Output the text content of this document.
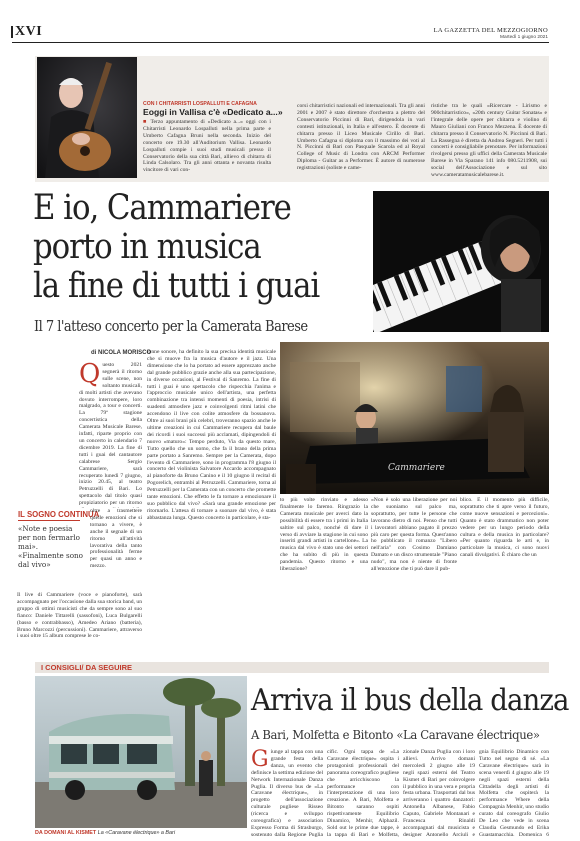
XVI	LA GAZZETTA DEL MEZZOGIORNO
Martedì 1 giugno 2021
CON I CHITARRISTI LOSPALLUTI E CAFAGNA
Eoggi in Vallisa c'è «Dedicato a...»
■ Terzo appuntamento di «Dedicato a...» oggi con i Chitarristi Leonardo Lospalluti nella prima parte e Umberto Cafagna Bruni nella seconda. Inizio del concerto ore 19.30 all'Auditorium Vallisa. Leonardo Lospalluti compie i suoi studi musicali presso il Conservatorio della sua città Bari, allievo di chitarra di Linda Calsolaro. Tra gli anni ottanta e novanta risulta vincitore di vari con-
corsi chitarristici nazionali ed internazionali. Tra gli anni 2001 e 2007 è stato direttore d'orchestra a plettro del Conservatorio Piccinni di Bari, dirigendola in vari contesti istituzionali, in Italia e all'estero. È docente di chitarra presso il Liceo Musicale Cirillo di Bari. Umberto Cafagna si diploma con il massimo dei voti al N. Piccinni di Bari con Pasquale Scarola ed al Royal College of Music di Londra con ARCM Performer Diploma - Guitar as a Performer. È autore di numerose registrazioni (soliste e came-
ristiche tra le quali «Ricercare - Lirismo e 900chitarristico», «20th century Guitar Sonatas» e l'integrale delle opere per chitarra e violino di Mauro Giuliani con Franco Mezzena. È docente di chitarra presso il Conservatorio N. Piccinni di Bari. La Rassegna è diretta da Andrea Segneri. Per tutti i concerti è consigliabile prenotare. Per informazioni rivolgersi presso gli uffici della Camerata Musicale Barese in Via Sparano 141 info 080.5211908, sui social dell'Associazione e sul sito www.cameratamusicalebarese.it.
E io, Cammariere
porto in musica
la fine di tutti i guai
Il 7 l'atteso concerto per la Camerata Barese
di NICOLA MORISCO
Questo 2021 segnerà il ritorno sulle scene, non soltanto musicali, di molti artisti che avevano dovuto interrompere, loro malgrado, a tour e concerti. La 79ª stagione concertistica della Camerata Musicale Barese, infatti, riparte proprio con un concerto in calendario 7 dicembre 2019. La fine di tutti i guai del cantautore calabrese Sergio Cammariere, sarà recuperato lunedì 7 giugno, inizio 20.45, al teatro Petruzzelli di Bari. Lo spettacolo dal titolo quasi propiziatorio per un ritorno
IL SOGNO CONTINUA
«Note e poesia per non fermarlo mai». «Finalmente sono dal vivo»
oltre a trasmettere quelle emozioni che si tornano a vivere, è anche il segnale di un ritorno all'attività lavorativa della tanto professionalità ferme per quasi un anno e mezzo.
Il live di Cammariere (voce e pianoforte), sarà accompagnato per l'occasione dalla sua storica band, un gruppo di ottimi musicisti che da sempre sono al suo fianco: Daniele Tittarelli (sassofoni), Luca Bulgarelli (basso e contrabbasso), Amedeo Ariano (batteria), Bruno Marcozzi (percussioni). Cammariere, attraverso i suoi oltre 15 album comprese le co-
lonne sonore, ha definito la sua precisa identità musicale che si muove fra la musica d'autore e il jazz. Una dimensione che lo ha portato ad essere apprezzato anche dal grande pubblico grazie anche alla sua partecipazione, in diverse occasioni, al Festival di Sanremo. La fine di tutti i guai è uno spettacolo che rispecchia l'anima e l'approccio musicale unico dell'artista, una perfetta combinazione tra intensi momenti di poesia, intrisi di suadenti atmosfere jazz e coinvolgenti ritmi latini che accendono il live con colite atmosfere da bossanova. Oltre ai suoi brani più celebri, troveranno spazio anche le ultime creazioni in cui Cammariere recupera dal baule dei ricordi i suoi successi più acclamati, dipingendoli di nuovo «maturo»: Tempo perduto, Via da questo mare, Tutto quello che un uomo, che fa il brano della prima parte portato a Sanremo. Sempre per la Camerata, dopo l'evento di Cammariere, sono in programma l'8 giugno il concerto del violinista Salvatore Accardo accompagnato al pianoforte da Bruno Canino e il 10 giugno il recital di Pogorelich, entrambi al Petruzzelli. Cammariere, torna al Petruzzelli per la Camerata con un concerto che promette tante emozioni. Che effetto le fa tornare a emozionare il suo pubblico dal vivo? «Sarà una grande emozione per ritornarlo. L'attesa di tornare a suonare dal vivo, è stata abbastanza lunga. Questo concerto in particolare, è sta-
Cammariere
to più volte rinviato e adesso finalmente lo faremo. Ringrazio la Camerata musicale per averci dato la possibilità di essere tra i primi in Italia saltire sul palco, nonché di dare il verso di avviare la stagione in cui sono inseriti grandi artisti in cartellone». La musica dal vivo è stato uno dei settori che ha subito di più in questa pandemia. Questo ritorno e una liberazione?
«Non è solo una liberazione per noi che suoniamo sul palco ma, soprattutto, per tutte le persone che lavorano dietro di noi. Penso che tutti i lavoratori abbiano pagato il prezzo più caro per questa forma. Quest'anno ho pubblicato il romanzo "Libero nell'aria" con Cosimo Damiano Damato e un disco strumentale "Piano nudo", ma non è niente di fronte all'emozione che ti può dare il pub-
blico. È il momento più difficile, soprattutto che ti apre verso il futuro, come nuove sensazioni e percezioni». Quanto è stato drammatico non poter vedere per un lungo periodo della cultura e della musica in particolare? «Per quanto riguarda le arti e, in particolare la musica, ci sono nuovi canali divulgativi. È chiaro che un
I CONSIGLI/ DA SEGUIRE
DA DOMANI AL KISMET La «Caravane électrique» a Bari
Arriva il bus della danza
A Bari, Molfetta e Bitonto «La Caravane électrique»
Giunge al tappa con una grande festa della danza, un evento che definisce la settima edizione del Network Internazionale Danza Puglia. Il diverso bus de «La Caravane électrique», in progetto dell'associazione culturale pugliese Risseo (ricerca e sviluppo coreografica) e association Expresso Forma di Strasburgo, sostenuto dalla Regione Puglia
cific. Ogni tappa de «La Caravane électrique» ospita i protagonisti professionali del panorama coreografico pugliese che arricchiscono la performance con l'interpretazione di una loro creazione. A Bari, Molfetta e Bitonto saranno ospiti rispettivamente Equilibrio Dinamico, Menhir, Alphazil. Sold out le prime due tappe, è la tappa di Bari e Molfetta,
zionale Danza Puglia con i loro allievi. Arrivo domani mercoledì 2 giugno alle 19 negli spazi esterni del Teatro Kismet di Bari per coinvolgere il pubblico in una vera e propria festa urbana. Trasportati dal bus arriveranno i quattro danzatori: Antonella Albanese, Fabio Caputo, Gabriele Montanari e Francesca Rinaldi accompagnati dal musicista e designer Antonello Arciuli e
gnia Equilibrio Dinamico con Tutto nel segno di sé. «La Caravane électrique» sarà in scena venerdì 4 giugno alle 19 negli spazi esterni della Cittadella degli artisti di Molfetta che ospiterà la performance Where della Compagnia Menhir, uno studio curato dal coreografo Giulio De Leo che vede in scena Claudia Gesmundo ed Erika Guastamacchia. Domenica 6
